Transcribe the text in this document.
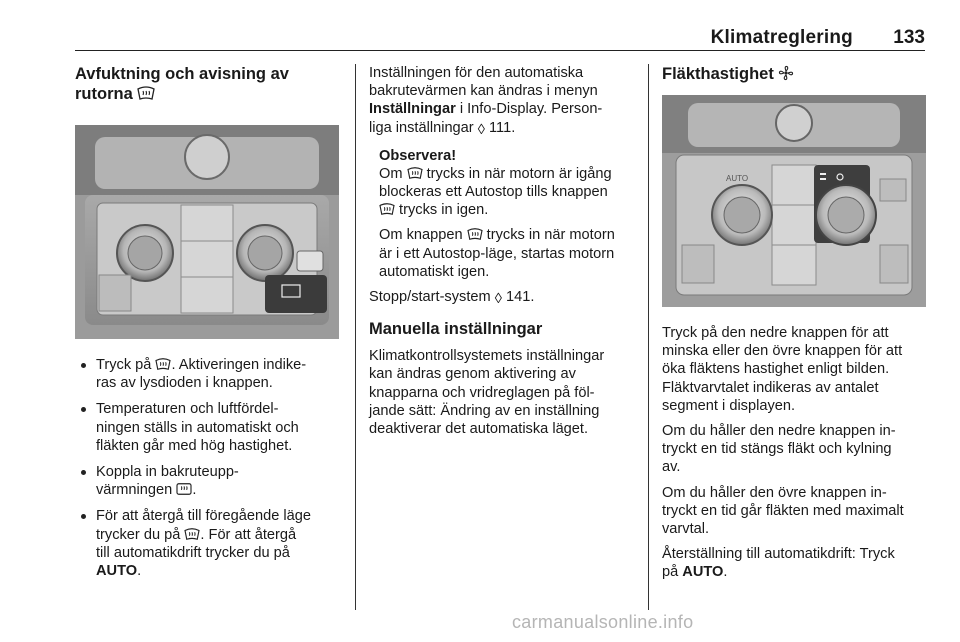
Klimatreglering 133
Avfuktning och avisning av
rutorna

Tryck på . Aktiveringen indike-
ras av lysdioden i knappen.

Temperaturen och luftfördel-
ningen ställs in automatiskt och
fläkten går med hög hastighet.

Koppla in bakruteupp-
värmningen .

För att återgå till föregående läge
trycker du på . För att återgå
till automatikdrift trycker du på
AUTO.

Inställningen för den automatiska
bakrutevärmen kan ändras i menyn
Inställningar i Info-Display. Person-
liga inställningar ◊ 111.

Observera!

Om  trycks in när motorn är igång
blockeras ett Autostop tills knappen
trycks in igen.

Om knappen  trycks in när motorn
är i ett Autostop-läge, startas motorn
automatiskt igen.

Stopp/start-system ◊ 141.

Manuella inställningar

Klimatkontrollsystemets inställningar
kan ändras genom aktivering av
knapparna och vridreglagen på föl-
jande sätt: Ändring av en inställning
deaktiverar det automatiska läget.

Fläkthastighet
AUTO

Tryck på den nedre knappen för att
minska eller den övre knappen för att
öka fläktens hastighet enligt bilden.
Fläktvarvtalet indikeras av antalet
segment i displayen.

Om du håller den nedre knappen in-
tryckt en tid stängs fläkt och kylning
av.

Om du håller den övre knappen in-
tryckt en tid går fläkten med maximalt
varvtal.

Återställning till automatikdrift: Tryck
på AUTO.

carmanualsonline.info
